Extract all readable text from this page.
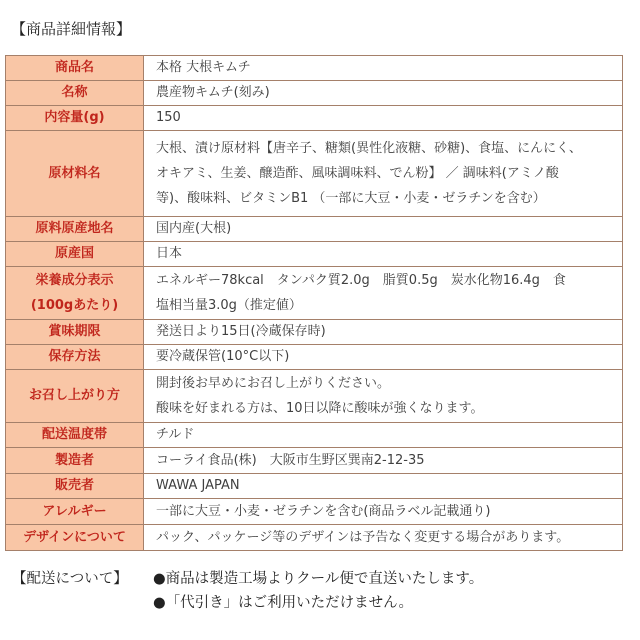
【商品詳細情報】
商品名	本格 大根キムチ
名称	農産物キムチ(刻み)
内容量(g)	150
原材料名	大根、漬け原材料【唐辛子、糖類(異性化液糖、砂糖)、食塩、にんにく、
オキアミ、生姜、醸造酢、風味調味料、でん粉】 ／ 調味料(アミノ酸
等)、酸味料、ビタミンB1 （一部に大豆・小麦・ゼラチンを含む）

原料原産地名	国内産(大根)
原産国	日本

栄養成分表示
(100gあたり)	エネルギー78kcal　タンパク質2.0g　脂質0.5g　炭水化物16.4g　食
塩相当量3.0g（推定値）

賞味期限	発送日より15日(冷蔵保存時)
保存方法	要冷蔵保管(10°C以下)
お召し上がり方	開封後お早めにお召し上がりください。
酸味を好まれる方は、10日以降に酸味が強くなります。

配送温度帯	チルド
製造者	コーライ食品(株)　大阪市生野区巽南2-12-35
販売者	WAWA JAPAN
アレルギー	一部に大豆・小麦・ゼラチンを含む(商品ラベル記載通り)
デザインについて	パック、パッケージ等のデザインは予告なく変更する場合があります。
【配送について】 ●商品は製造工場よりクール便で直送いたします。
●「代引き」はご利用いただけません。
